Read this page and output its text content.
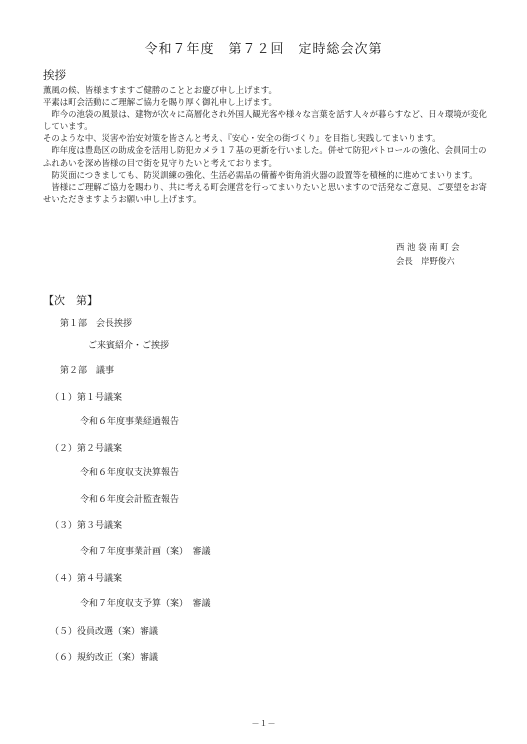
令和７年度　第７２回　定時総会次第
挨拶

薫風の候、皆様ますますご健勝のこととお慶び申し上げます。

平素は町会活動にご理解ご協力を賜り厚く御礼申し上げます。

　昨今の池袋の風景は、建物が次々に高層化され外国人観光客や様々な言葉を話す人々が暮らすなど、日々環境が変化しています。

そのような中、災害や治安対策を皆さんと考え、『安心・安全の街づくり』を目指し実践してまいります。

　昨年度は豊島区の助成金を活用し防犯カメラ１７基の更新を行いました。併せて防犯パトロールの強化、会員同士のふれあいを深め皆様の目で街を見守りたいと考えております。

　防災面につきましても、防災訓練の強化、生活必需品の備蓄や街角消火器の設置等を積極的に進めてまいります。

　皆様にご理解ご協力を賜わり、共に考える町会運営を行ってまいりたいと思いますので活発なご意見、ご要望をお寄せいただきますようお願い申し上げます。

西 池 袋 南 町 会
会長　岸野俊六
【次　第】
第１部　会長挨拶
ご来賓紹介・ご挨拶
第２部　議事
（１）第１号議案
令和６年度事業経過報告
（２）第２号議案
令和６年度収支決算報告
令和６年度会計監査報告
（３）第３号議案
令和７年度事業計画（案）　審議
（４）第４号議案
令和７年度収支予算（案）　審議
（５）役員改選（案）審議
（６）規約改正（案）審議
－１－
